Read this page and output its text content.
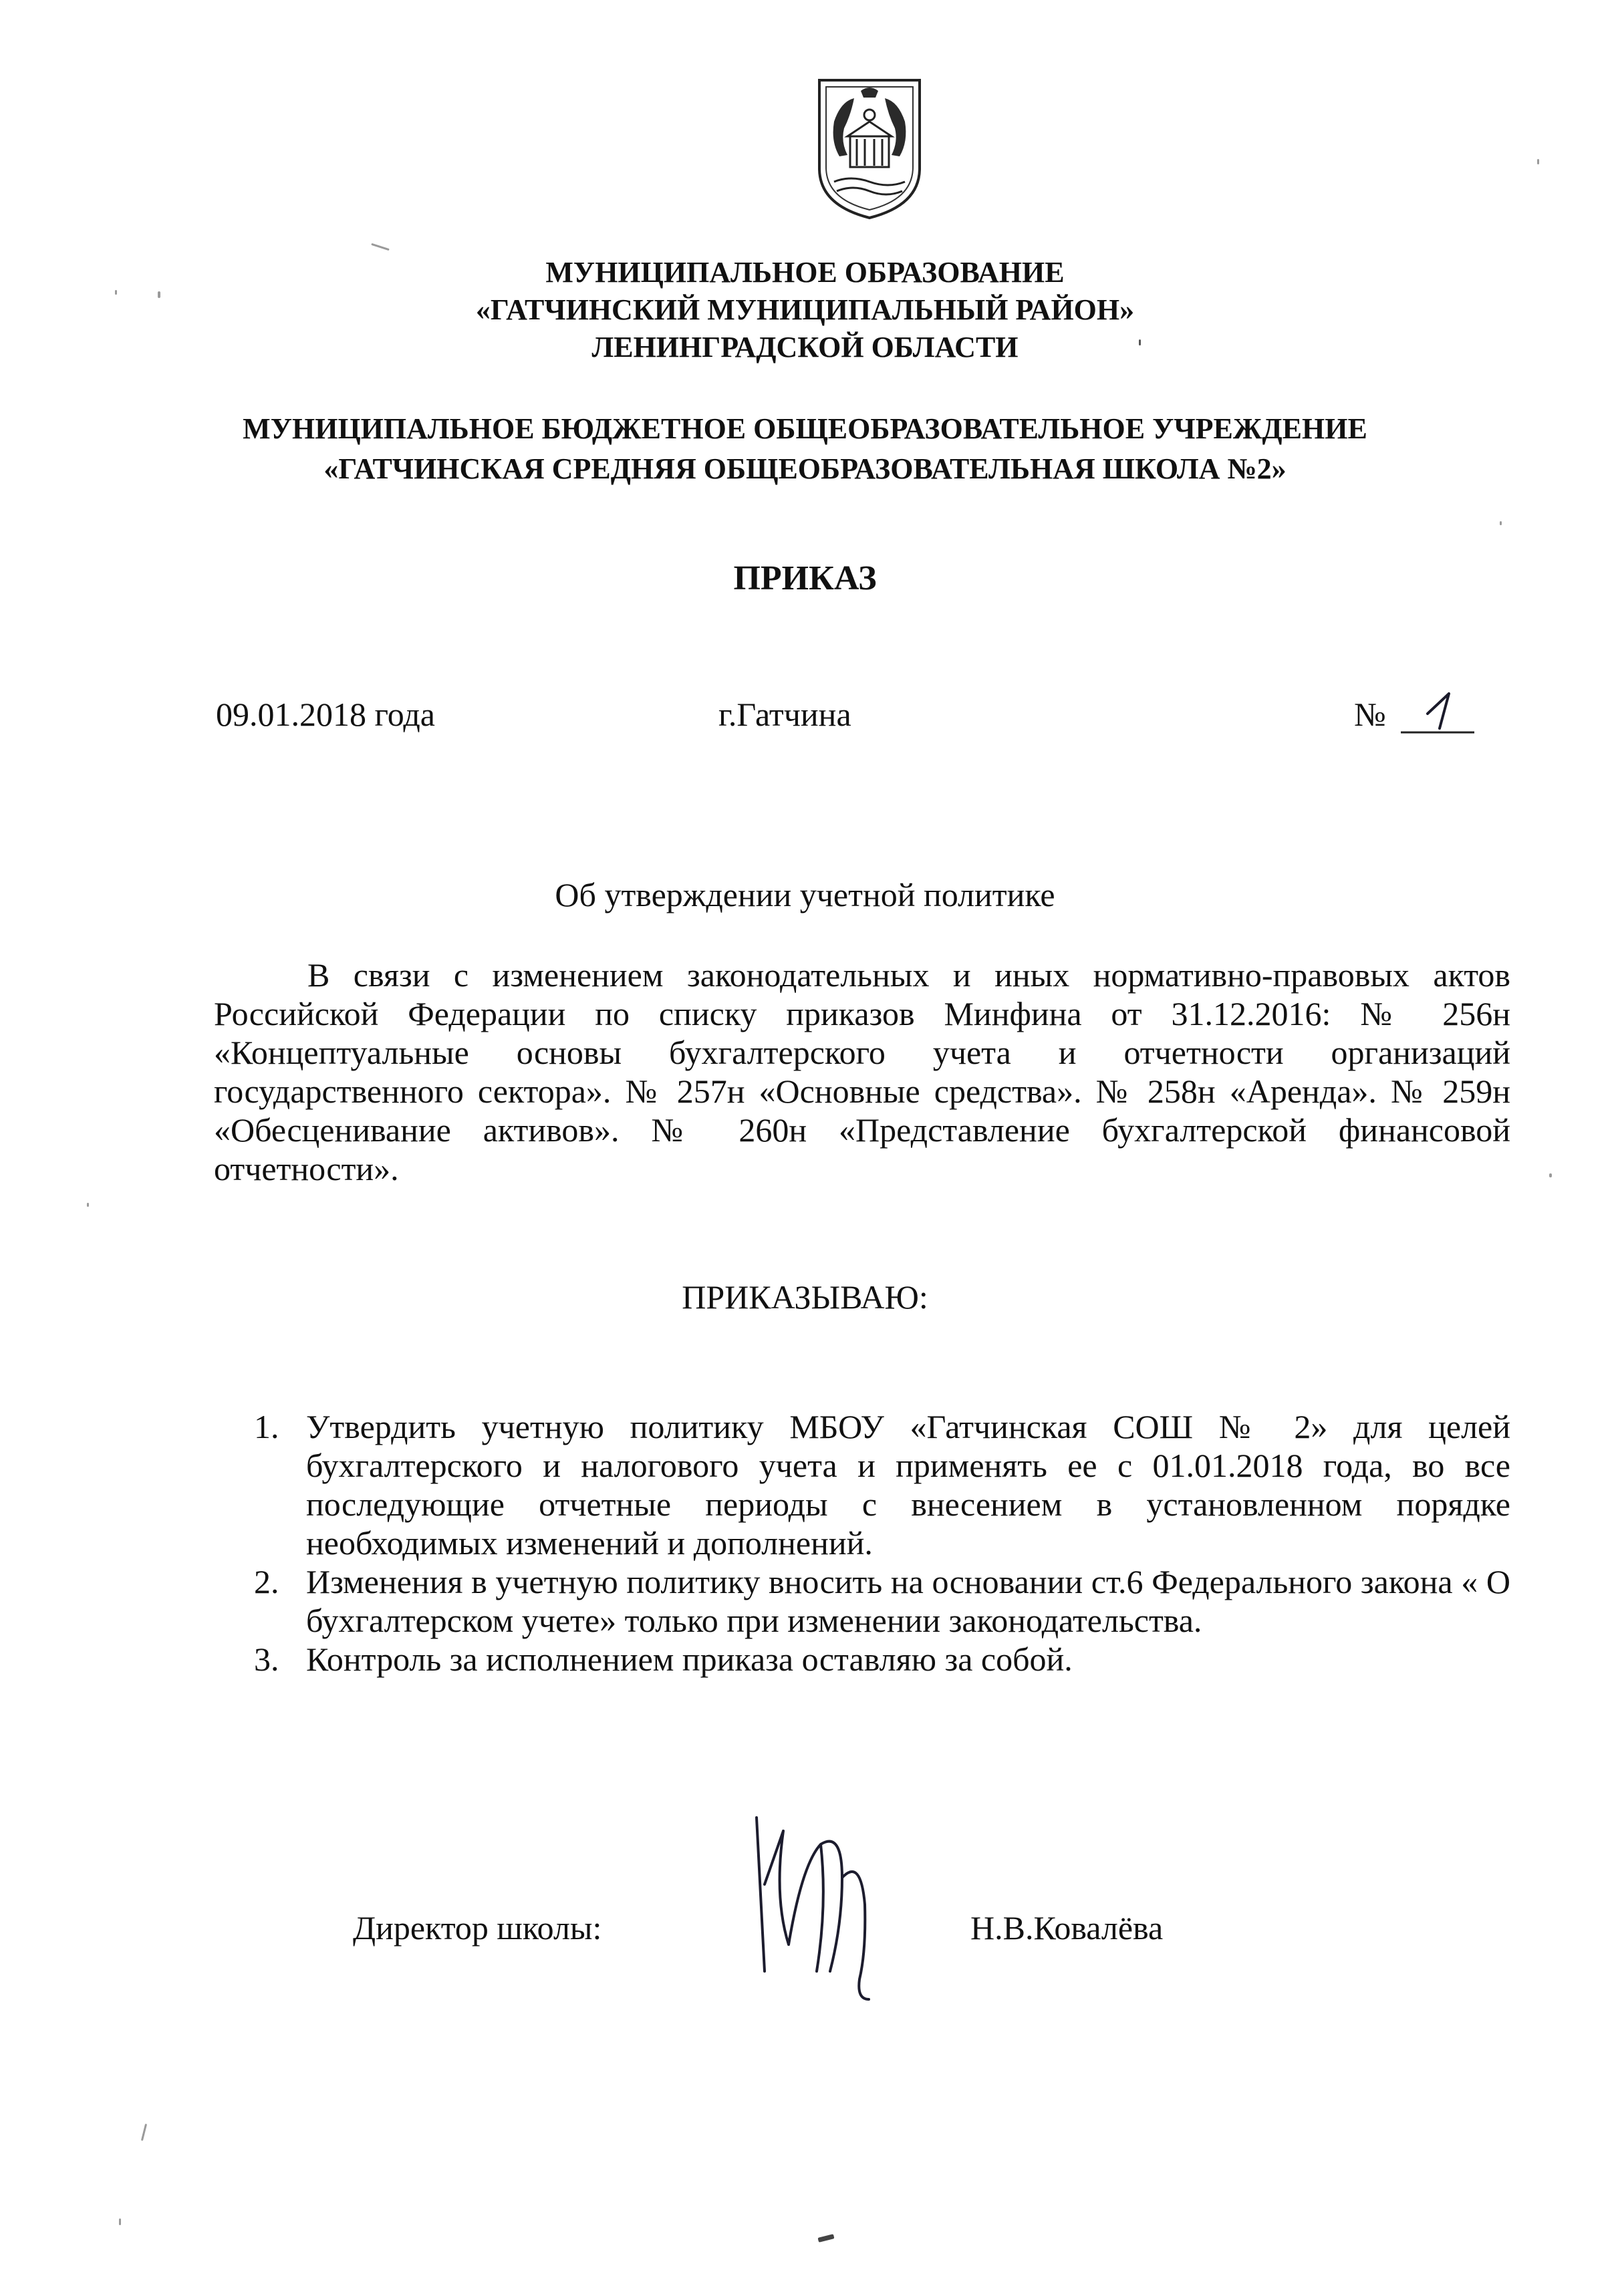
МУНИЦИПАЛЬНОЕ ОБРАЗОВАНИЕ
«ГАТЧИНСКИЙ МУНИЦИПАЛЬНЫЙ РАЙОН»
ЛЕНИНГРАДСКОЙ ОБЛАСТИ
МУНИЦИПАЛЬНОЕ БЮДЖЕТНОЕ ОБЩЕОБРАЗОВАТЕЛЬНОЕ УЧРЕЖДЕНИЕ
«ГАТЧИНСКАЯ СРЕДНЯЯ ОБЩЕОБРАЗОВАТЕЛЬНАЯ ШКОЛА №2»
ПРИКАЗ
09.01.2018 года	г.Гатчина	№
Об утверждении учетной политике
В связи с изменением законодательных и иных нормативно-правовых актов Российской Федерации по списку приказов Минфина от 31.12.2016: № 256н «Концептуальные основы бухгалтерского учета и отчетности организаций государственного сектора». № 257н «Основные средства». № 258н «Аренда». № 259н «Обесценивание активов». № 260н «Представление бухгалтерской финансовой отчетности».
ПРИКАЗЫВАЮ:
1. Утвердить учетную политику МБОУ «Гатчинская СОШ № 2» для целей бухгалтерского и налогового учета и применять ее с 01.01.2018 года, во все последующие отчетные периоды с внесением в установленном порядке необходимых изменений и дополнений.
2. Изменения в учетную политику вносить на основании ст.6 Федерального закона « О бухгалтерском учете» только при изменении законодательства.
3. Контроль за исполнением приказа оставляю за собой.
Директор школы:	Н.В.Ковалёва
